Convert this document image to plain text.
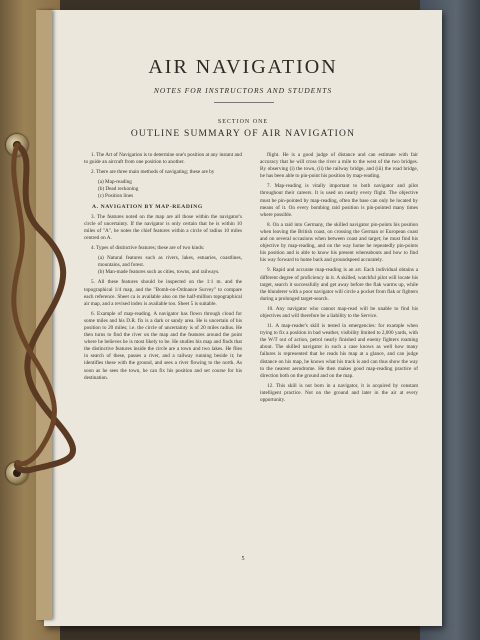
AIR NAVIGATION
NOTES FOR INSTRUCTORS AND STUDENTS
SECTION ONE
OUTLINE SUMMARY OF AIR NAVIGATION

1. The Art of Navigation is to determine one's position at any instant and to guide an aircraft from one position to another.

2. There are three main methods of navigating; these are by

(a) Map-reading
(b) Dead reckoning
(c) Position lines
A. NAVIGATION BY MAP-READING

3. The features noted on the map are all those within the navigator's circle of uncertainty. If the navigator is only certain that he is within 10 miles of "A", he notes the chief features within a circle of radius 10 miles centred on A.

4. Types of distinctive features; these are of two kinds:

(a) Natural features such as rivers, lakes, estuaries, coastlines, mountains, and forest.
(b) Man-made features such as cities, towns, and railways.

5. All these features should be inspected on the 1:1 m. and the topographical 1/4 map, and the "Bomb-on-Ordnance Survey" to compare each reference. Sheet ca is available also on the half-million topographical air map, and a revised index is available too. Sheet 5 is suitable.

6. Example of map-reading. A navigator has flown through cloud for some miles and his D.R. fix is a dark or sandy area. He is uncertain of his position to 20 miles; i.e. the circle of uncertainty is of 20 miles radius. He then turns to find the river on the map and the features around the point where he believes he is most likely to be. He studies his map and finds that the distinctive features inside the circle are a town and two lakes. He flies in search of these, passes a river, and a railway running beside it; he identifies these with the ground, and sees a river flowing to the north. As soon as he sees the town, he can fix his position and set course for his destination.

flight. He is a good judge of distance and can estimate with fair accuracy that he will cross the river a mile to the west of the two bridges. By observing (i) the town, (ii) the railway bridge, and (iii) the road bridge, he has been able to pin-point his position by map-reading.

7. Map-reading is vitally important to both navigator and pilot throughout their careers. It is used on nearly every flight. The objective must be pin-pointed by map-reading, often the base can only be located by means of it. On every bombing raid position is pin-pointed many times where possible.

8. On a raid into Germany, the skilled navigator pin-points his position when leaving the British coast, on crossing the German or European coast and on several occasions when between coast and target; he must find his objective by map-reading, and on the way home he repeatedly pin-points his position and is able to know his present whereabouts and how to find his way forward to home back and groundspeed accurately.

9. Rapid and accurate map-reading is an art. Each individual obtains a different degree of proficiency in it. A skilled, watchful pilot will locate his target, search it successfully and get away before the flak warms up, while the blunderer with a poor navigator will circle a pocket from flak or fighters during a prolonged target-search.

10. Any navigator who cannot map-read will be unable to find his objectives and will therefore be a liability to the Service.

11. A map-reader's skill is tested in emergencies: for example when trying to fix a position in bad weather, visibility limited to 2,000 yards, with the W/T out of action, petrol nearly finished and enemy fighters roaming about. The skilled navigator in such a case knows as well how many failures is represented that he reads his map at a glance, and can judge distance on his map, he knows what his track is and can thus show the way to the nearest aerodrome. He then makes good map-reading practice of direction both on the ground and on the map.

12. This skill is not born in a navigator, it is acquired by constant intelligent practice. Not on the ground and later in the air at every opportunity.

5
